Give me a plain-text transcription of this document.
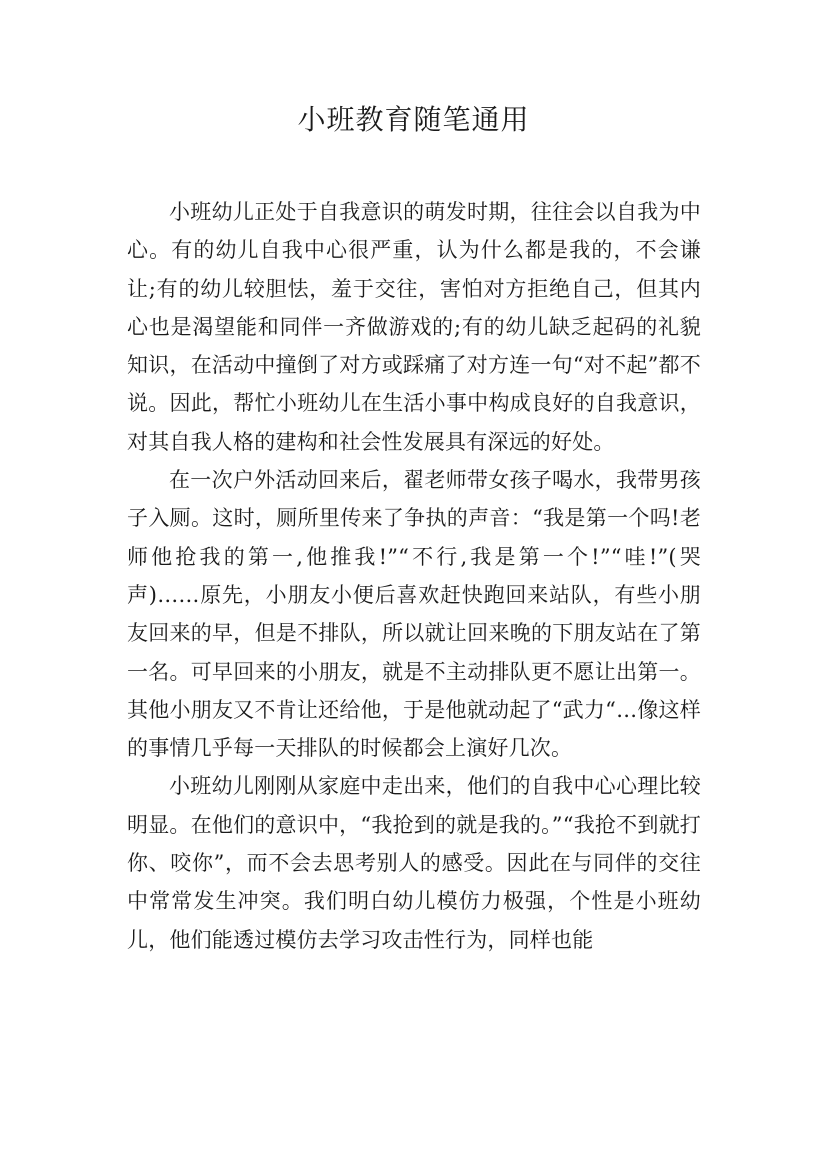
小班教育随笔通用

小班幼儿正处于自我意识的萌发时期，往往会以自我为中心。有的幼儿自我中心很严重，认为什么都是我的，不会谦让;有的幼儿较胆怯，羞于交往，害怕对方拒绝自己，但其内心也是渴望能和同伴一齐做游戏的;有的幼儿缺乏起码的礼貌知识，在活动中撞倒了对方或踩痛了对方连一句“对不起”都不说。因此，帮忙小班幼儿在生活小事中构成良好的自我意识，对其自我人格的建构和社会性发展具有深远的好处。

在一次户外活动回来后，翟老师带女孩子喝水，我带男孩子入厕。这时，厕所里传来了争执的声音：“我是第一个吗!老师他抢我的第一,他推我!”“不行,我是第一个!”“哇!”(哭声)……原先，小朋友小便后喜欢赶快跑回来站队，有些小朋友回来的早，但是不排队，所以就让回来晚的下朋友站在了第一名。可早回来的小朋友，就是不主动排队更不愿让出第一。其他小朋友又不肯让还给他，于是他就动起了“武力“…像这样的事情几乎每一天排队的时候都会上演好几次。

小班幼儿刚刚从家庭中走出来，他们的自我中心心理比较明显。在他们的意识中，“我抢到的就是我的。”“我抢不到就打你、咬你”，而不会去思考别人的感受。因此在与同伴的交往中常常发生冲突。我们明白幼儿模仿力极强，个性是小班幼儿，他们能透过模仿去学习攻击性行为，同样也能
